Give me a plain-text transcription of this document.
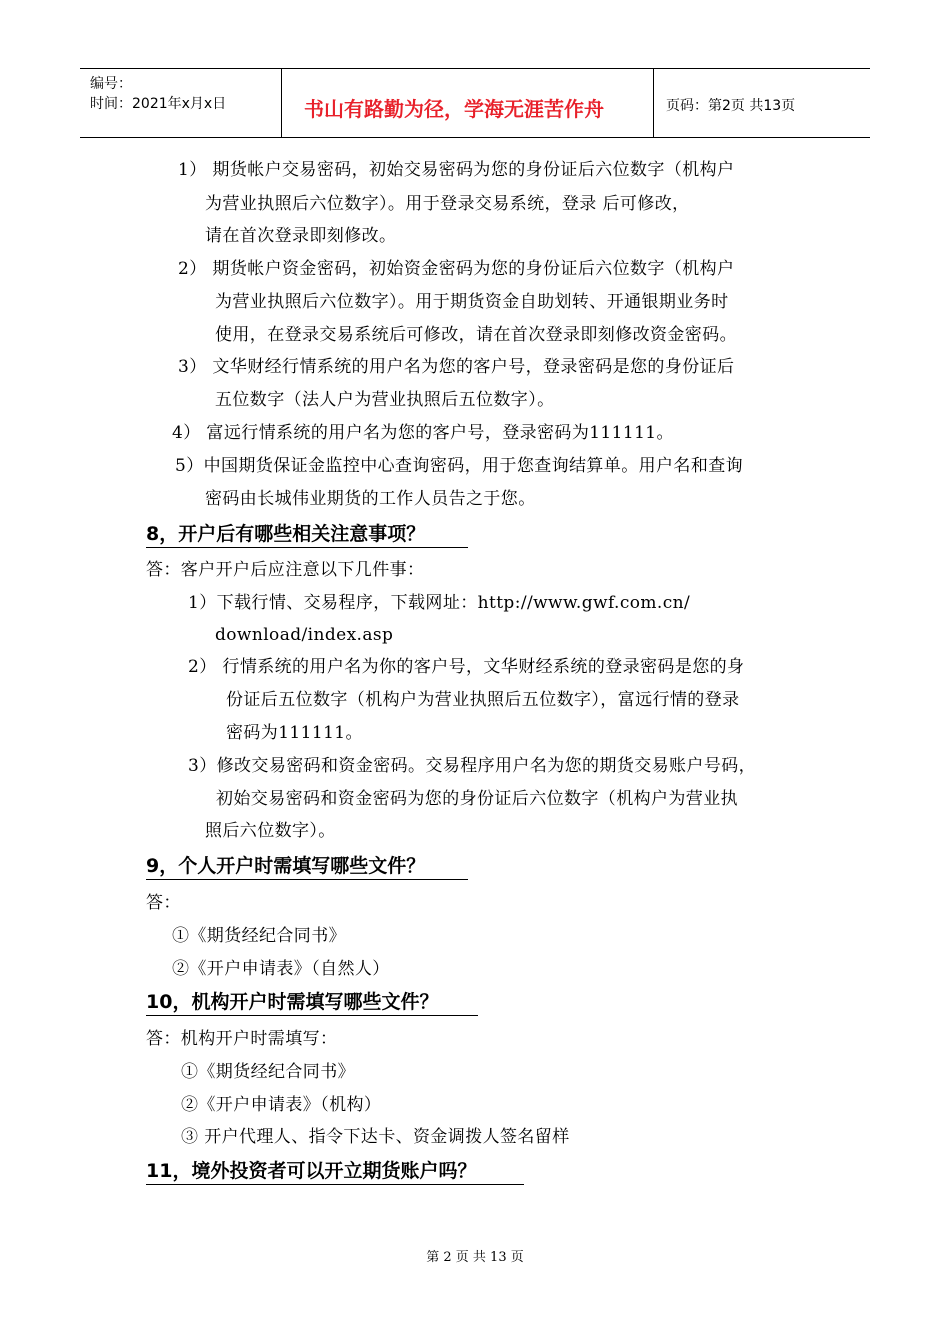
编号：
时间：2021年x月x日	书山有路勤为径，学海无涯苦作舟	页码：第2页 共13页
1） 期货帐户交易密码，初始交易密码为您的身份证后六位数字（机构户
为营业执照后六位数字）。用于登录交易系统，登录 后可修改，
请在首次登录即刻修改。
2） 期货帐户资金密码，初始资金密码为您的身份证后六位数字（机构户
为营业执照后六位数字）。用于期货资金自助划转、开通银期业务时
使用，在登录交易系统后可修改，请在首次登录即刻修改资金密码。
3） 文华财经行情系统的用户名为您的客户号，登录密码是您的身份证后
五位数字（法人户为营业执照后五位数字）。
4） 富远行情系统的用户名为您的客户号，登录密码为111111。
5）中国期货保证金监控中心查询密码，用于您查询结算单。用户名和查询
密码由长城伟业期货的工作人员告之于您。
8，开户后有哪些相关注意事项？
答：客户开户后应注意以下几件事：
1）下载行情、交易程序，下载网址：http://www.gwf.com.cn/
download/index.asp
2） 行情系统的用户名为你的客户号，文华财经系统的登录密码是您的身
份证后五位数字（机构户为营业执照后五位数字），富远行情的登录
密码为111111。
3）修改交易密码和资金密码。交易程序用户名为您的期货交易账户号码，
初始交易密码和资金密码为您的身份证后六位数字（机构户为营业执
照后六位数字）。
9，个人开户时需填写哪些文件？
答：
①《期货经纪合同书》
②《开户申请表》（自然人）
10，机构开户时需填写哪些文件？
答：机构开户时需填写：
①《期货经纪合同书》
②《开户申请表》（机构）
③ 开户代理人、指令下达卡、资金调拨人签名留样
11，境外投资者可以开立期货账户吗？
第 2 页 共 13 页
